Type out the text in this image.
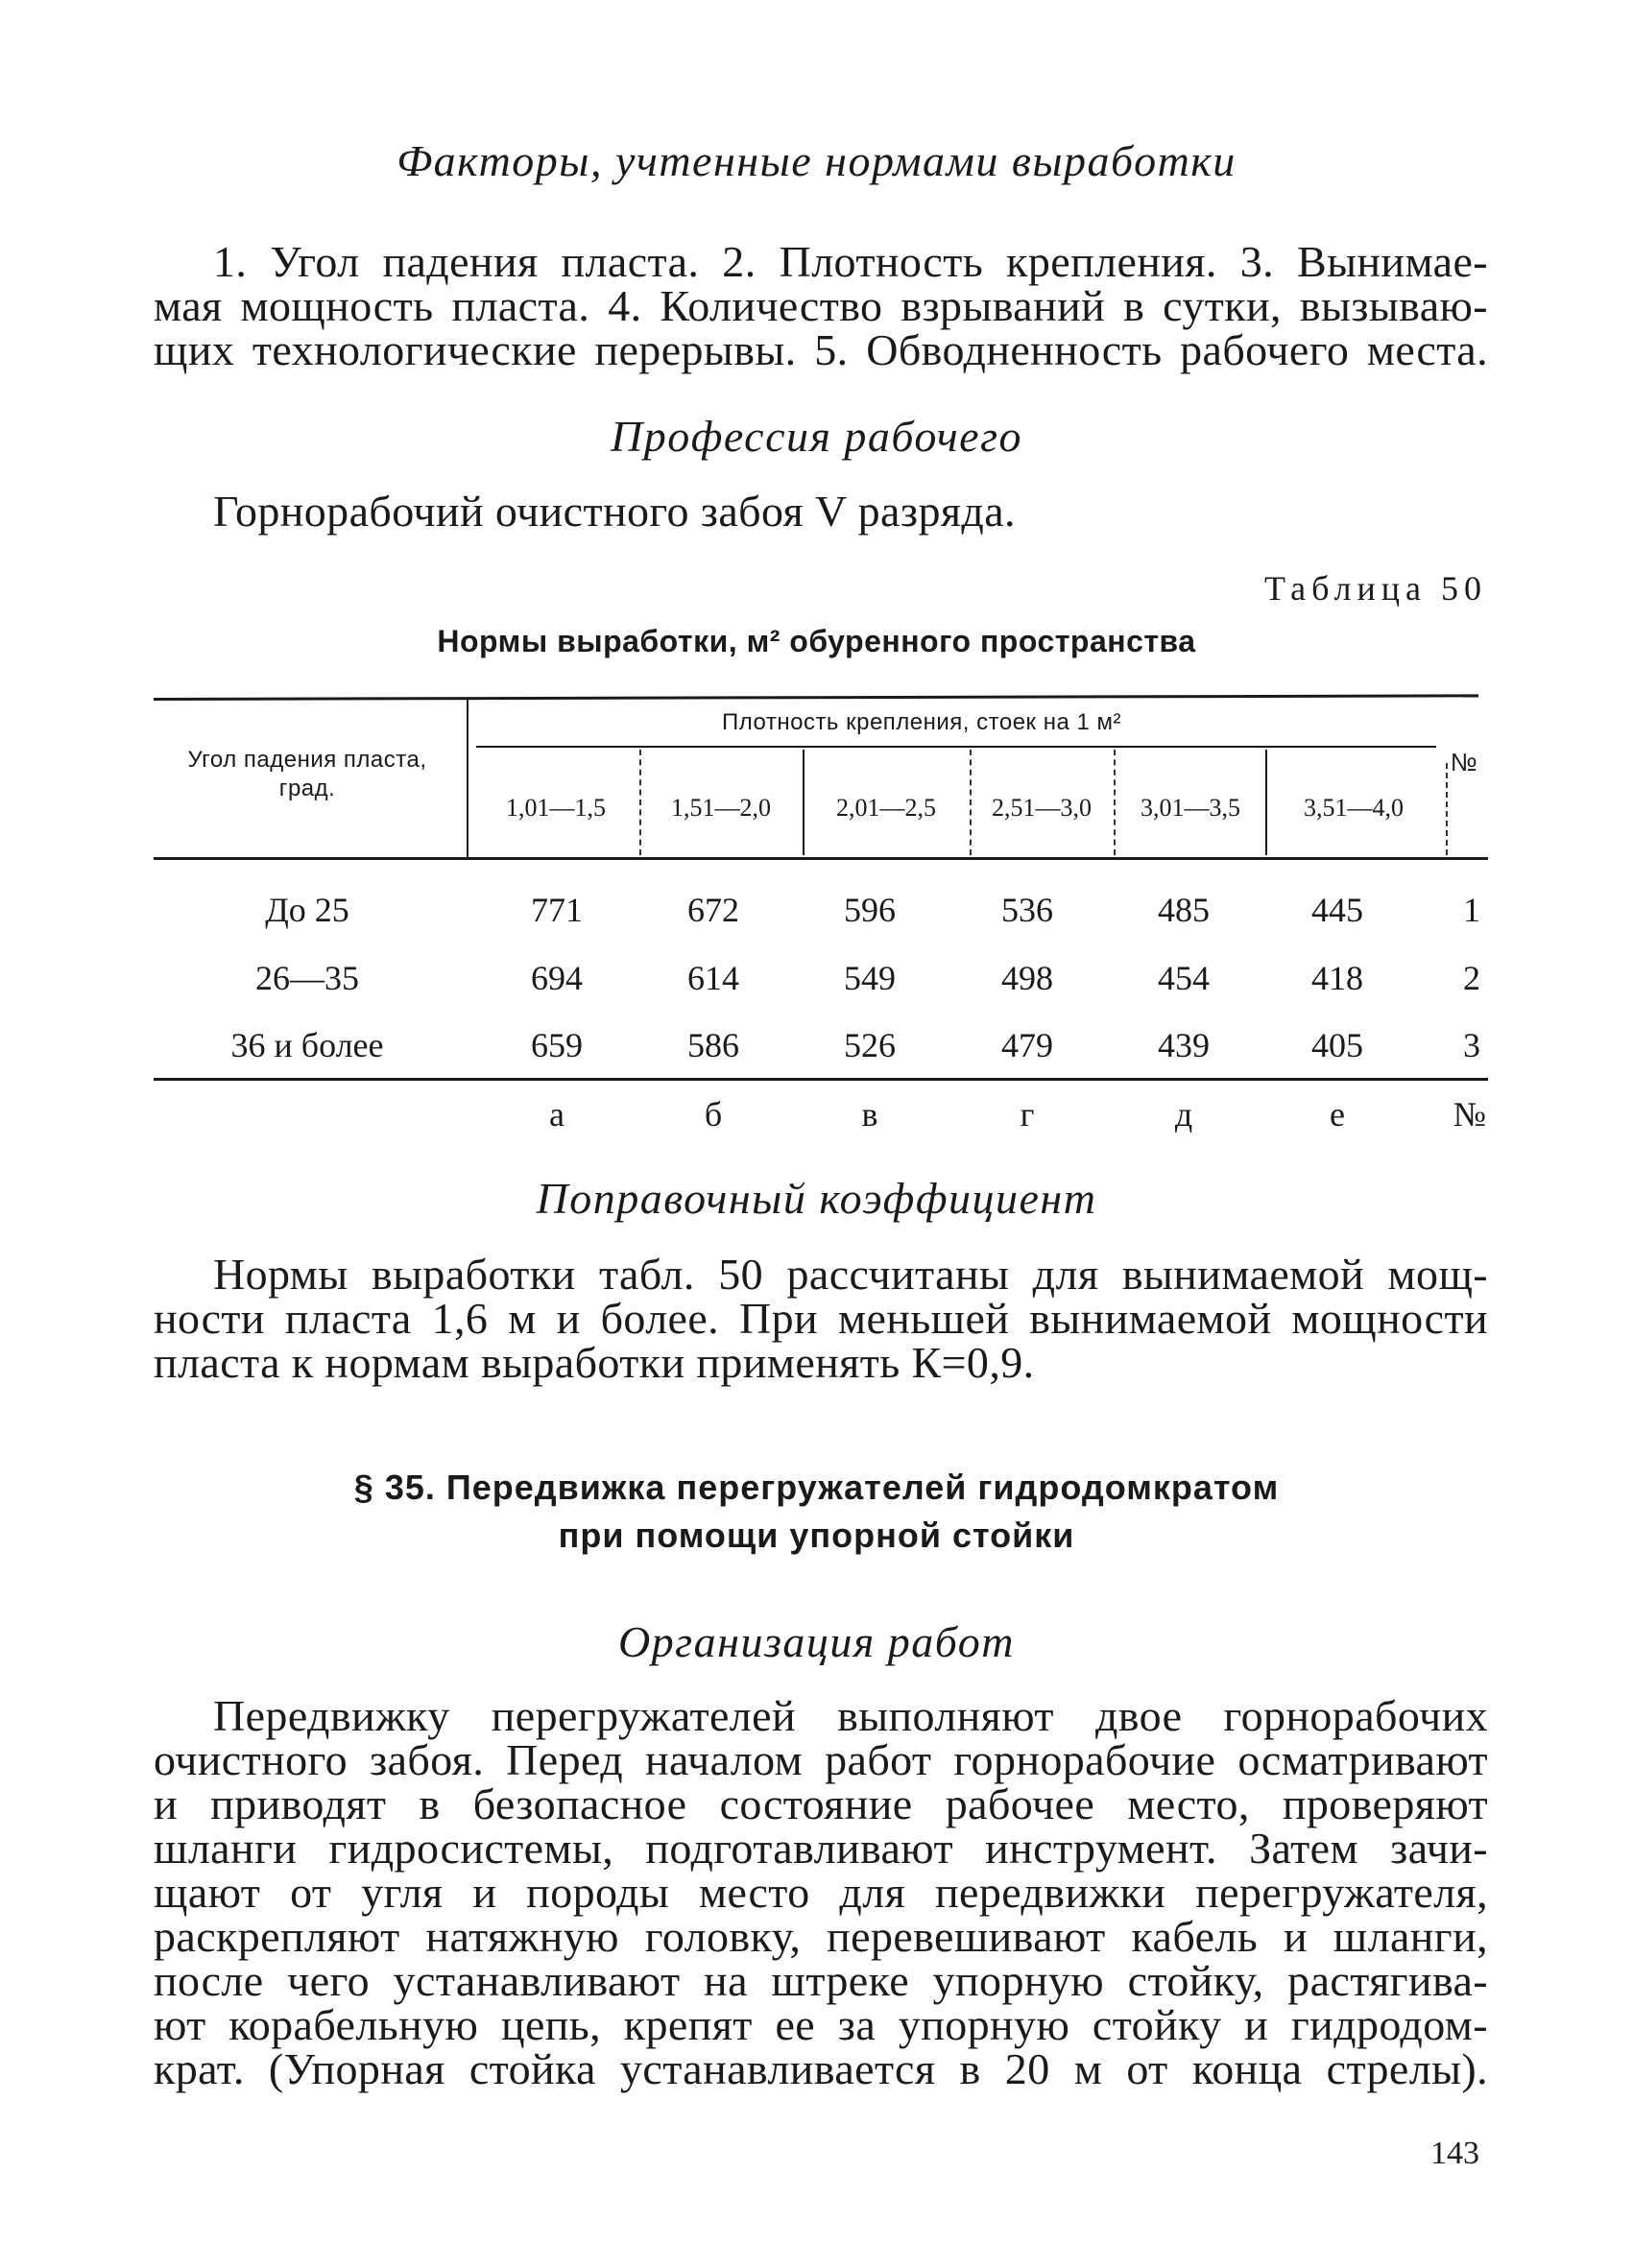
Факторы, учтенные нормами выработки
1. Угол падения пласта. 2. Плотность крепления. 3. Вынимае-
мая мощность пласта. 4. Количество взрываний в сутки, вызываю-
щих технологические перерывы. 5. Обводненность рабочего места.
Профессия рабочего
Горнорабочий очистного забоя V разряда.
Таблица 50
Нормы выработки, м² обуренного пространства
Угол падения пласта, град.
Плотность крепления, стоек на 1 м²
№
1,01—1,5	1,51—2,0	2,01—2,5	2,51—3,0	3,01—3,5	3,51—4,0
До 25	771	672	596	536	485	445	1
26—35	694	614	549	498	454	418	2
36 и более	659	586	526	479	439	405	3
а	б	в	г	д	е	№
Поправочный коэффициент
Нормы выработки табл. 50 рассчитаны для вынимаемой мощ-
ности пласта 1,6 м и более. При меньшей вынимаемой мощности
пласта к нормам выработки применять К=0,9.
§ 35. Передвижка перегружателей гидродомкратом
при помощи упорной стойки
Организация работ
Передвижку перегружателей выполняют двое горнорабочих
очистного забоя. Перед началом работ горнорабочие осматривают
и приводят в безопасное состояние рабочее место, проверяют
шланги гидросистемы, подготавливают инструмент. Затем зачи-
щают от угля и породы место для передвижки перегружателя,
раскрепляют натяжную головку, перевешивают кабель и шланги,
после чего устанавливают на штреке упорную стойку, растягива-
ют корабельную цепь, крепят ее за упорную стойку и гидродом-
крат. (Упорная стойка устанавливается в 20 м от конца стрелы).
143
